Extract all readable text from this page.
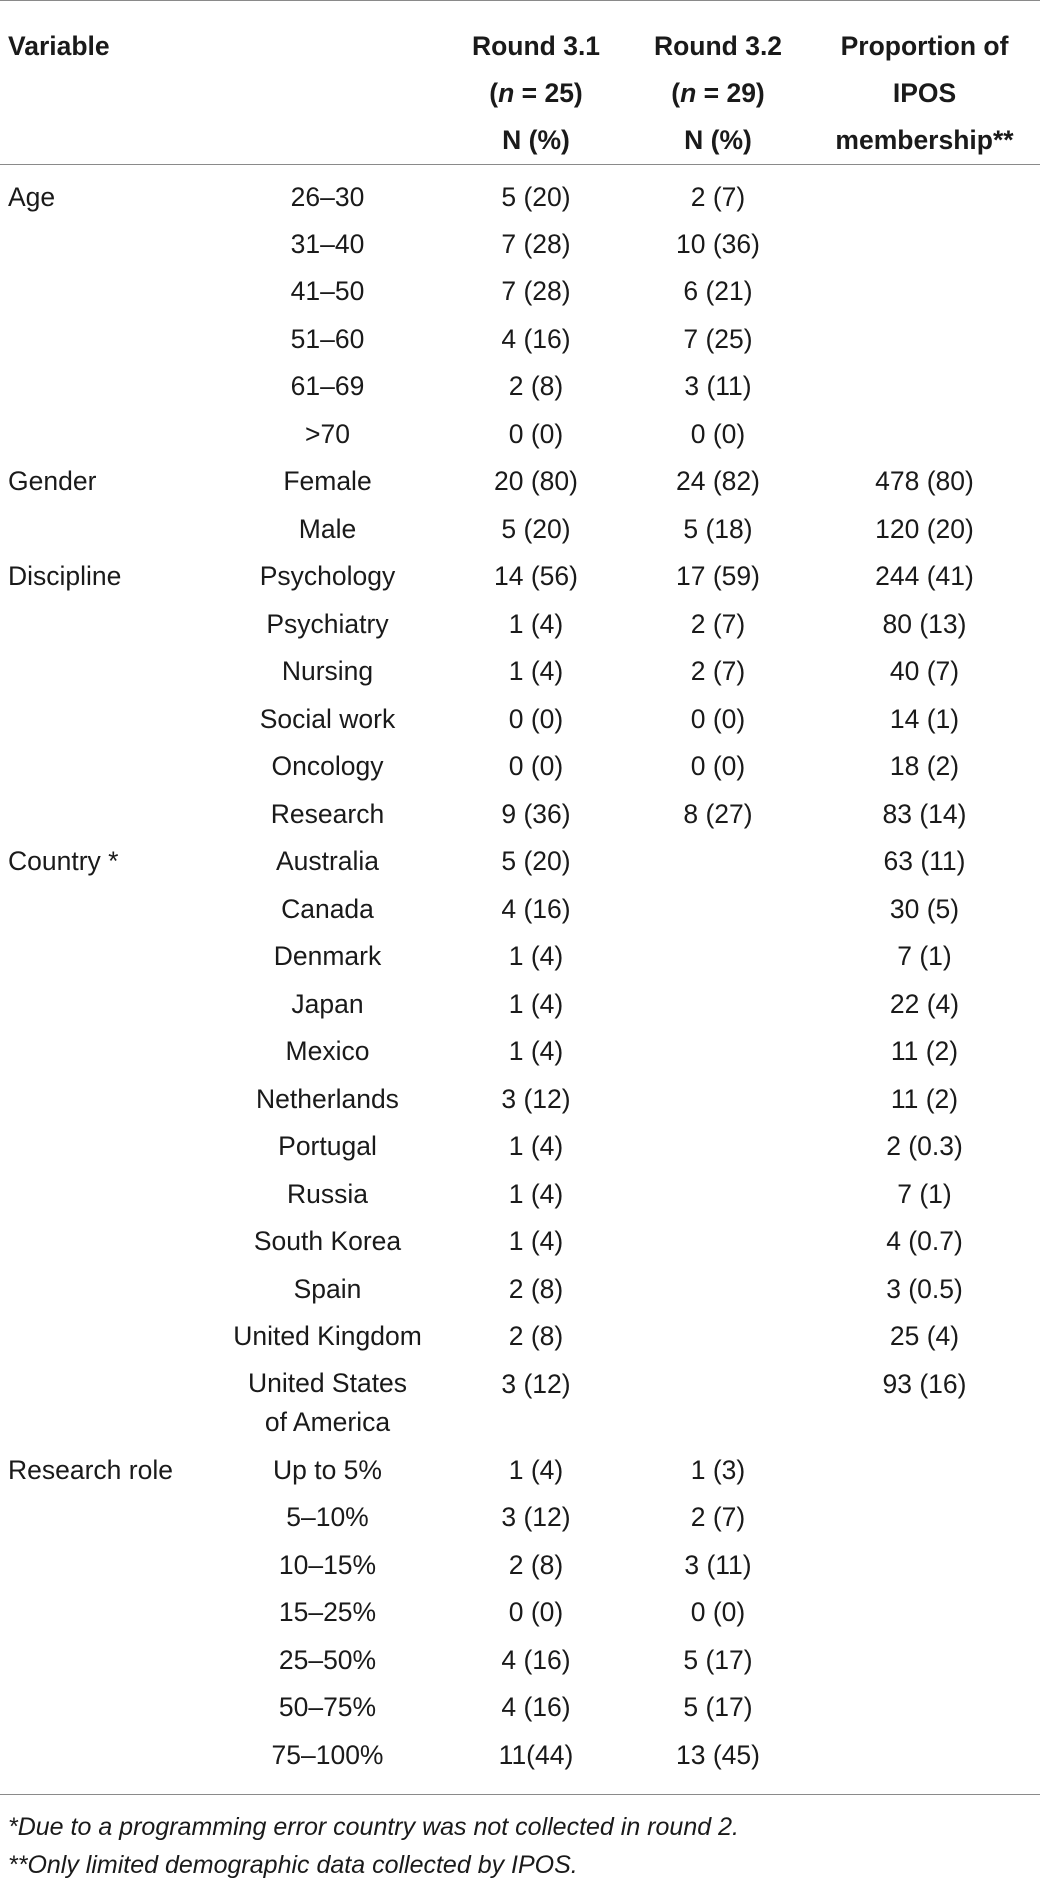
Variable		Round 3.1
(n = 25)
N (%)	Round 3.2
(n = 29)
N (%)	Proportion of
IPOS
membership**

Age	26–30	5 (20)	2 (7)	
	31–40	7 (28)	10 (36)	
	41–50	7 (28)	6 (21)	
	51–60	4 (16)	7 (25)	
	61–69	2 (8)	3 (11)	
	>70	0 (0)	0 (0)	
Gender	Female	20 (80)	24 (82)	478 (80)
	Male	5 (20)	5 (18)	120 (20)
Discipline	Psychology	14 (56)	17 (59)	244 (41)
	Psychiatry	1 (4)	2 (7)	80 (13)
	Nursing	1 (4)	2 (7)	40 (7)
	Social work	0 (0)	0 (0)	14 (1)
	Oncology	0 (0)	0 (0)	18 (2)
	Research	9 (36)	8 (27)	83 (14)
Country *	Australia	5 (20)		63 (11)
	Canada	4 (16)		30 (5)
	Denmark	1 (4)		7 (1)
	Japan	1 (4)		22 (4)
	Mexico	1 (4)		11 (2)
	Netherlands	3 (12)		11 (2)
	Portugal	1 (4)		2 (0.3)
	Russia	1 (4)		7 (1)
	South Korea	1 (4)		4 (0.7)
	Spain	2 (8)		3 (0.5)
	United Kingdom	2 (8)		25 (4)

	United States
of America	3 (12)		93 (16)
Research role	Up to 5%	1 (4)	1 (3)	
	5–10%	3 (12)	2 (7)	
	10–15%	2 (8)	3 (11)	
	15–25%	0 (0)	0 (0)	
	25–50%	4 (16)	5 (17)	
	50–75%	4 (16)	5 (17)	
	75–100%	11(44)	13 (45)	
*Due to a programming error country was not collected in round 2.
**Only limited demographic data collected by IPOS.
